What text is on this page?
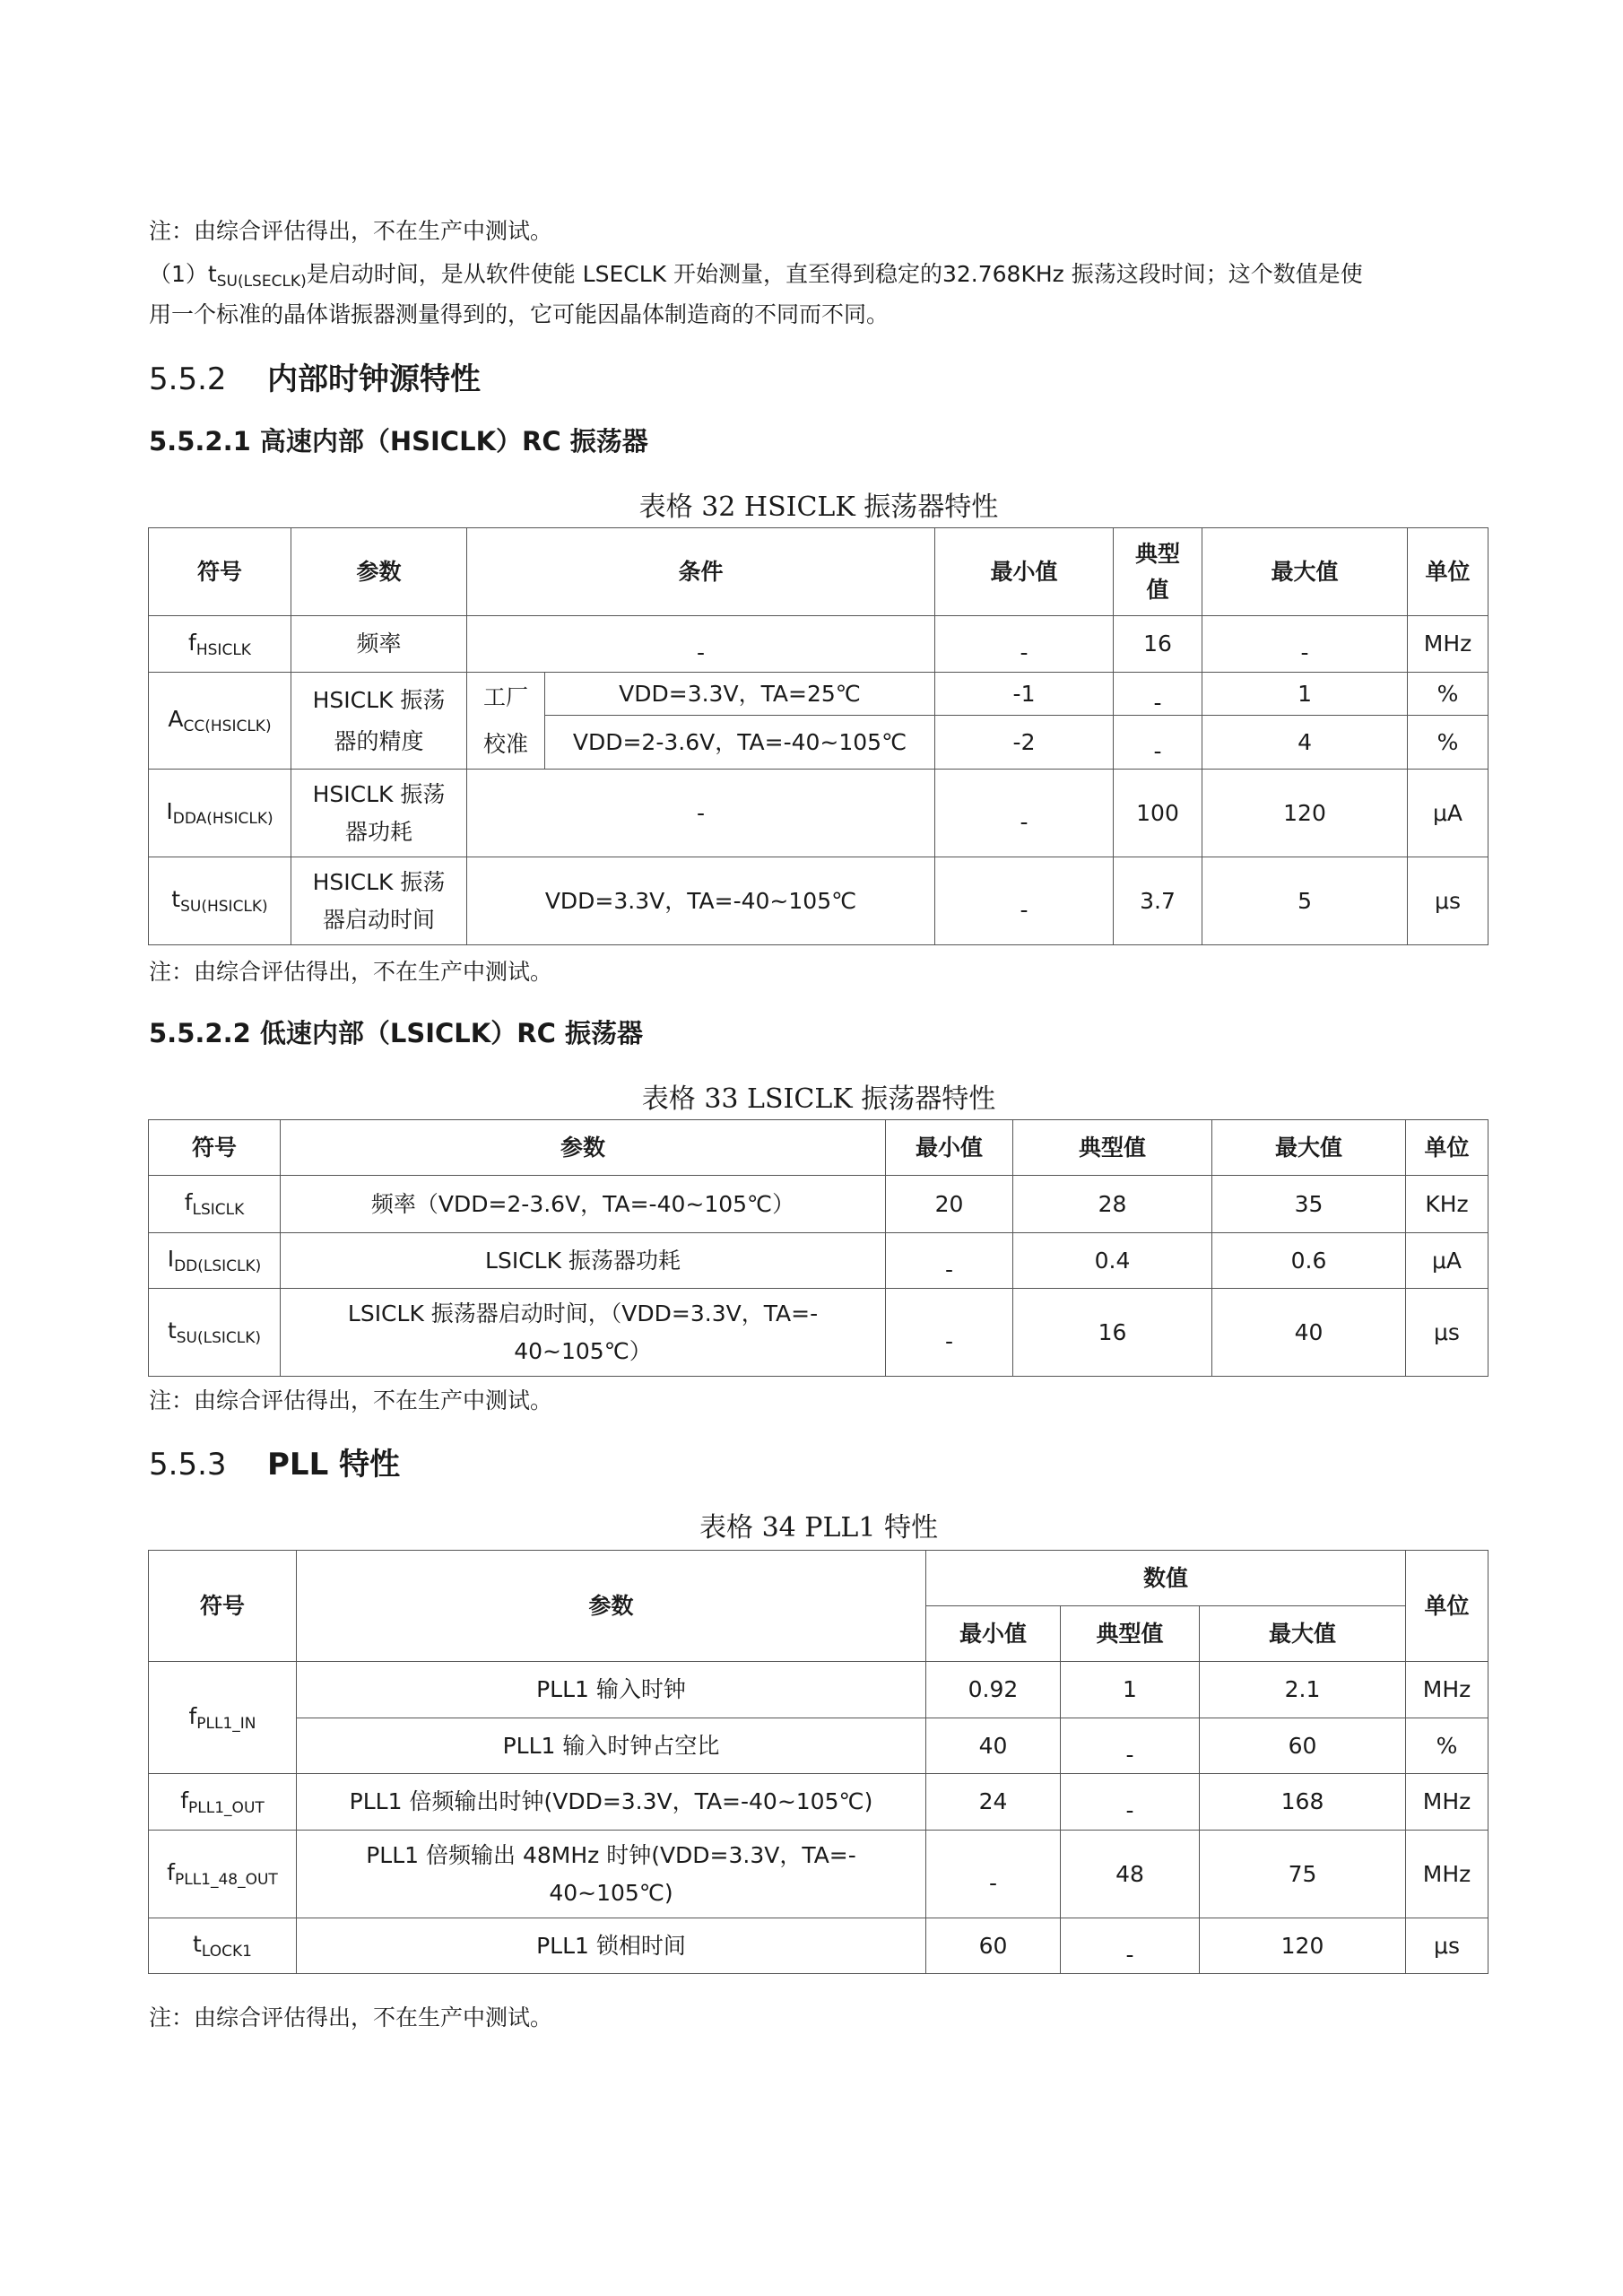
注：由综合评估得出，不在生产中测试。
$(1)t_{SU(LSECLK)}$是启动时间，是从软件使能 LSECLK 开始测量，直至得到稳定的32.768KHz 振荡这段时间；这个数值是使
用一个标准的晶体谐振器测量得到的，它可能因晶体制造商的不同而不同。
5.5.2 内部时钟源特性
5.5.2.1 高速内部（HSICLK）RC 振荡器
表格 32 HSICLK 振荡器特性
符号	参数	条件		最小值	典型值	最大值	单位
$f_{HSICLK}$	频率	-		-	16	-	MHz
$A_{CC(HSICLK)}$	HSICLK 振荡器的精度	工厂校准	VDD=3.3V，TA=25℃	-1	-	1	%
			VDD=2-3.6V，TA=-40~105℃	-2	-	4	%
$I_{DDA(HSICLK)}$	HSICLK 振荡器功耗	-		-	100	120	μA
$t_{SU(HSICLK)}$	HSICLK 振荡器启动时间	VDD=3.3V，TA=-40~105℃		-	3.7	5	μs
注：由综合评估得出，不在生产中测试。
5.5.2.2 低速内部（LSICLK）RC 振荡器
表格 33 LSICLK 振荡器特性
符号	参数	最小值	典型值	最大值	单位
$f_{LSICLK}$	频率（VDD=2-3.6V，TA=-40~105℃）	20	28	35	KHz
$I_{DD(LSICLK)}$	LSICLK 振荡器功耗	-	0.4	0.6	μA
$t_{SU(LSICLK)}$	LSICLK 振荡器启动时间，（VDD=3.3V，TA=-
40~105℃）	-	16	40	μs
注：由综合评估得出，不在生产中测试。
5.5.3 PLL 特性
表格 34 PLL1 特性
符号	参数	数值			单位
		最小值	典型值	最大值	
$f_{PLL1\_IN}$	PLL1 输入时钟	0.92	1	2.1	MHz
	PLL1 输入时钟占空比	40	-	60	%
$f_{PLL1\_OUT}$	PLL1 倍频输出时钟(VDD=3.3V，TA=-40~105℃)	24	-	168	MHz
$f_{PLL1\_48\_OUT}$	PLL1 倍频输出 48MHz 时钟(VDD=3.3V，TA=-
40~105℃)	-	48	75	MHz
$t_{LOCK1}$	PLL1 锁相时间	60	-	120	μs
注：由综合评估得出，不在生产中测试。
